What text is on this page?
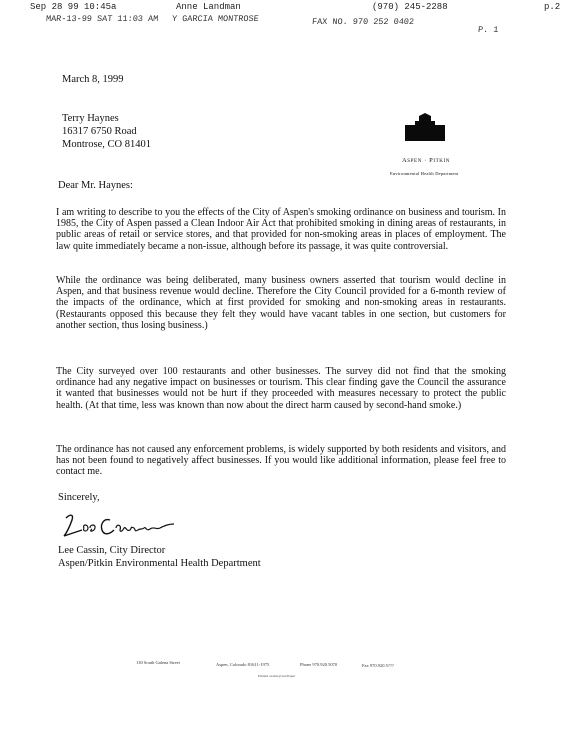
Sep 28 99 10:45a	Anne Landman	(970) 245-2288	p.2
MAR-13-99 SAT 11:03 AM Y GARCIA MONTROSE	FAX NO. 970 252 0402
P. 1
March 8, 1999
Terry Haynes
16317 6750 Road
Montrose, CO 81401
Aspen · Pitkin
Environmental Health Department
Dear Mr. Haynes:
I am writing to describe to you the effects of the City of Aspen's smoking ordinance on business and tourism. In 1985, the City of Aspen passed a Clean Indoor Air Act that prohibited smoking in dining areas of restaurants, in public areas of retail or service stores, and that provided for non-smoking areas in places of employment. The law quite immediately became a non-issue, although before its passage, it was quite controversial.
While the ordinance was being deliberated, many business owners asserted that tourism would decline in Aspen, and that business revenue would decline. Therefore the City Council provided for a 6-month review of the impacts of the ordinance, which at first provided for smoking and non-smoking areas in restaurants. (Restaurants opposed this because they felt they would have vacant tables in one section, but customers for another section, thus losing business.)
The City surveyed over 100 restaurants and other businesses. The survey did not find that the smoking ordinance had any negative impact on businesses or tourism. This clear finding gave the Council the assurance it wanted that businesses would not be hurt if they proceeded with measures necessary to protect the public health. (At that time, less was known than now about the direct harm caused by second-hand smoke.)
The ordinance has not caused any enforcement problems, is widely supported by both residents and visitors, and has not been found to negatively affect businesses. If you would like additional information, please feel free to contact me.
Sincerely,
Lee Cassin, City Director
Aspen/Pitkin Environmental Health Department
130 South Galena Street	Aspen, Colorado 81611-1975	Phone 970.920.5070	Fax 970.920.5???
Printed on Recycled Paper
